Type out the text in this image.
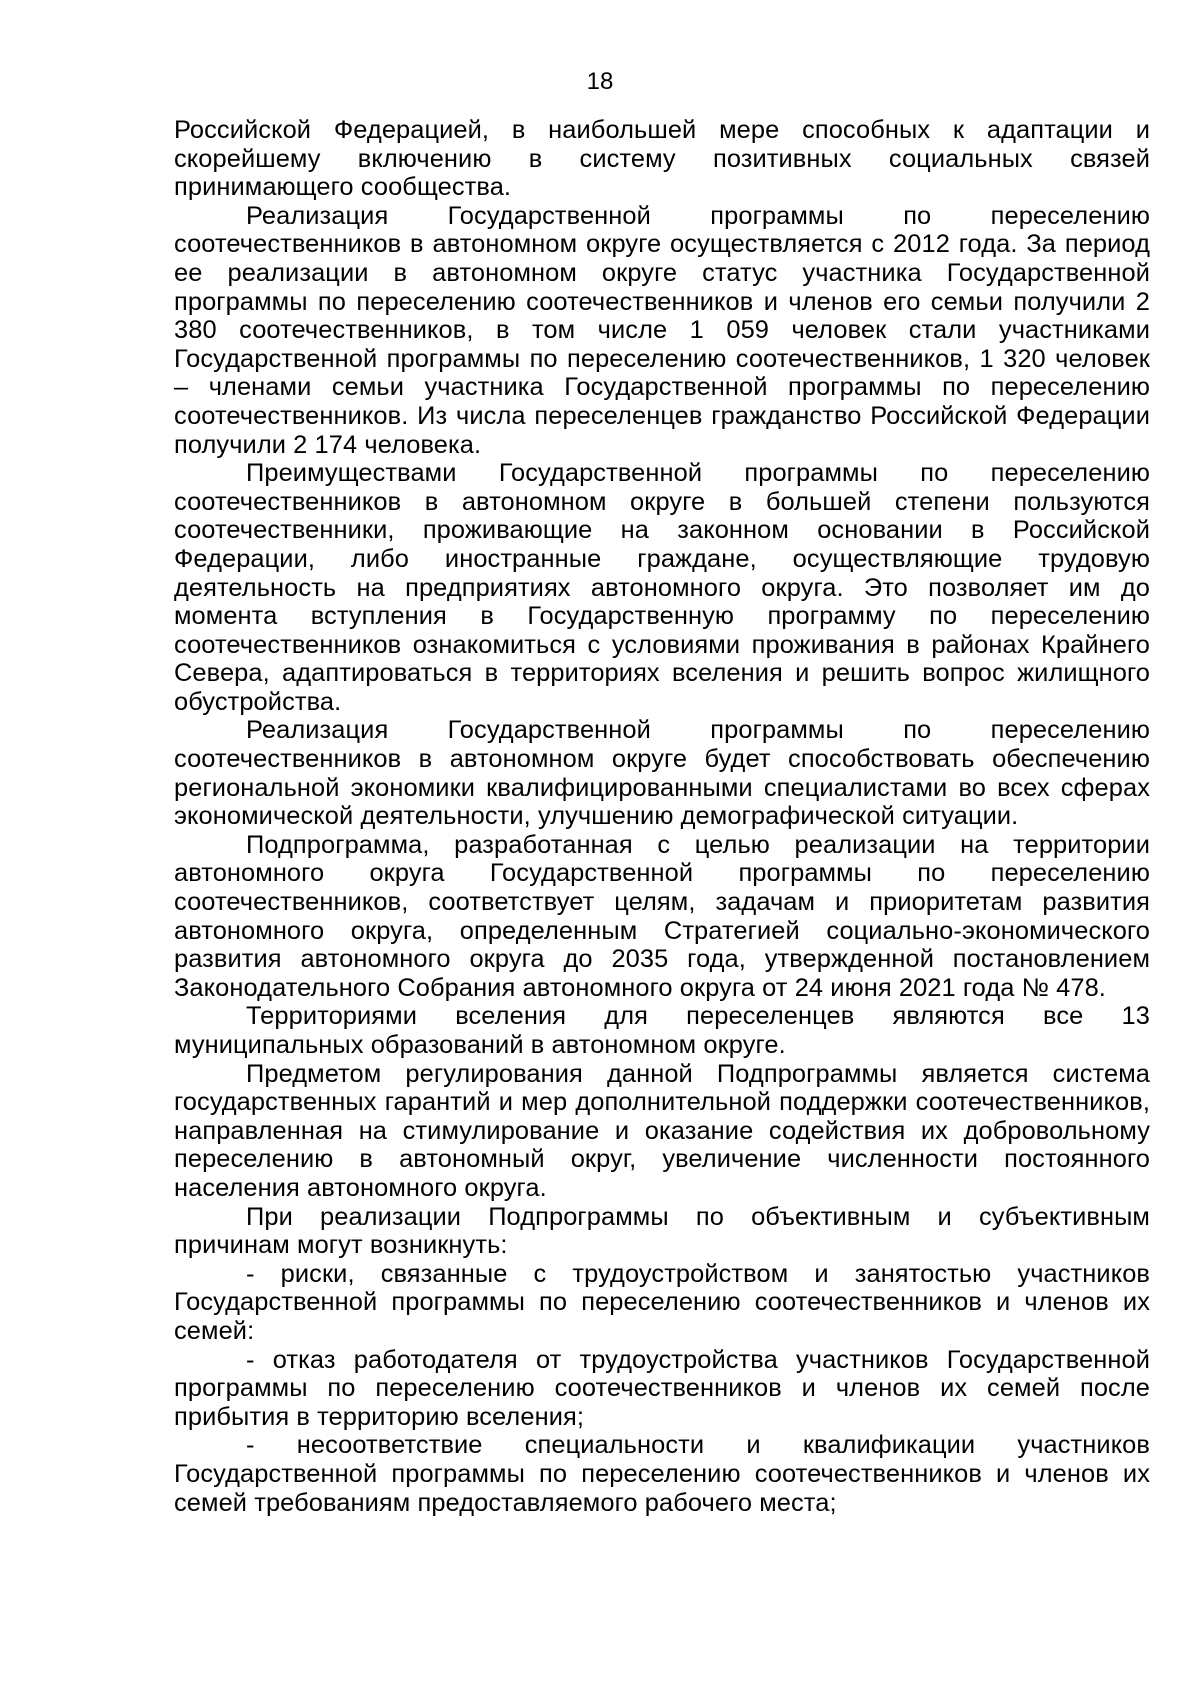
18

Российской Федерацией, в наибольшей мере способных к адаптации и скорейшему включению в систему позитивных социальных связей принимающего сообщества.

Реализация Государственной программы по переселению соотечественников в автономном округе осуществляется с 2012 года. За период ее реализации в автономном округе статус участника Государственной программы по переселению соотечественников и членов его семьи получили 2 380 соотечественников, в том числе 1 059 человек стали участниками Государственной программы по переселению соотечественников, 1 320 человек – членами семьи участника Государственной программы по переселению соотечественников. Из числа переселенцев гражданство Российской Федерации получили 2 174 человека.

Преимуществами Государственной программы по переселению соотечественников в автономном округе в большей степени пользуются соотечественники, проживающие на законном основании в Российской Федерации, либо иностранные граждане, осуществляющие трудовую деятельность на предприятиях автономного округа. Это позволяет им до момента вступления в Государственную программу по переселению соотечественников ознакомиться с условиями проживания в районах Крайнего Севера, адаптироваться в территориях вселения и решить вопрос жилищного обустройства.

Реализация Государственной программы по переселению соотечественников в автономном округе будет способствовать обеспечению региональной экономики квалифицированными специалистами во всех сферах экономической деятельности, улучшению демографической ситуации.

Подпрограмма, разработанная с целью реализации на территории автономного округа Государственной программы по переселению соотечественников, соответствует целям, задачам и приоритетам развития автономного округа, определенным Стратегией социально-экономического развития автономного округа до 2035 года, утвержденной постановлением Законодательного Собрания автономного округа от 24 июня 2021 года № 478.

Территориями вселения для переселенцев являются все 13 муниципальных образований в автономном округе.

Предметом регулирования данной Подпрограммы является система государственных гарантий и мер дополнительной поддержки соотечественников, направленная на стимулирование и оказание содействия их добровольному переселению в автономный округ, увеличение численности постоянного населения автономного округа.

При реализации Подпрограммы по объективным и субъективным причинам могут возникнуть:

- риски, связанные с трудоустройством и занятостью участников Государственной программы по переселению соотечественников и членов их семей:

- отказ работодателя от трудоустройства участников Государственной программы по переселению соотечественников и членов их семей после прибытия в территорию вселения;

- несоответствие специальности и квалификации участников Государственной программы по переселению соотечественников и членов их семей требованиям предоставляемого рабочего места;
